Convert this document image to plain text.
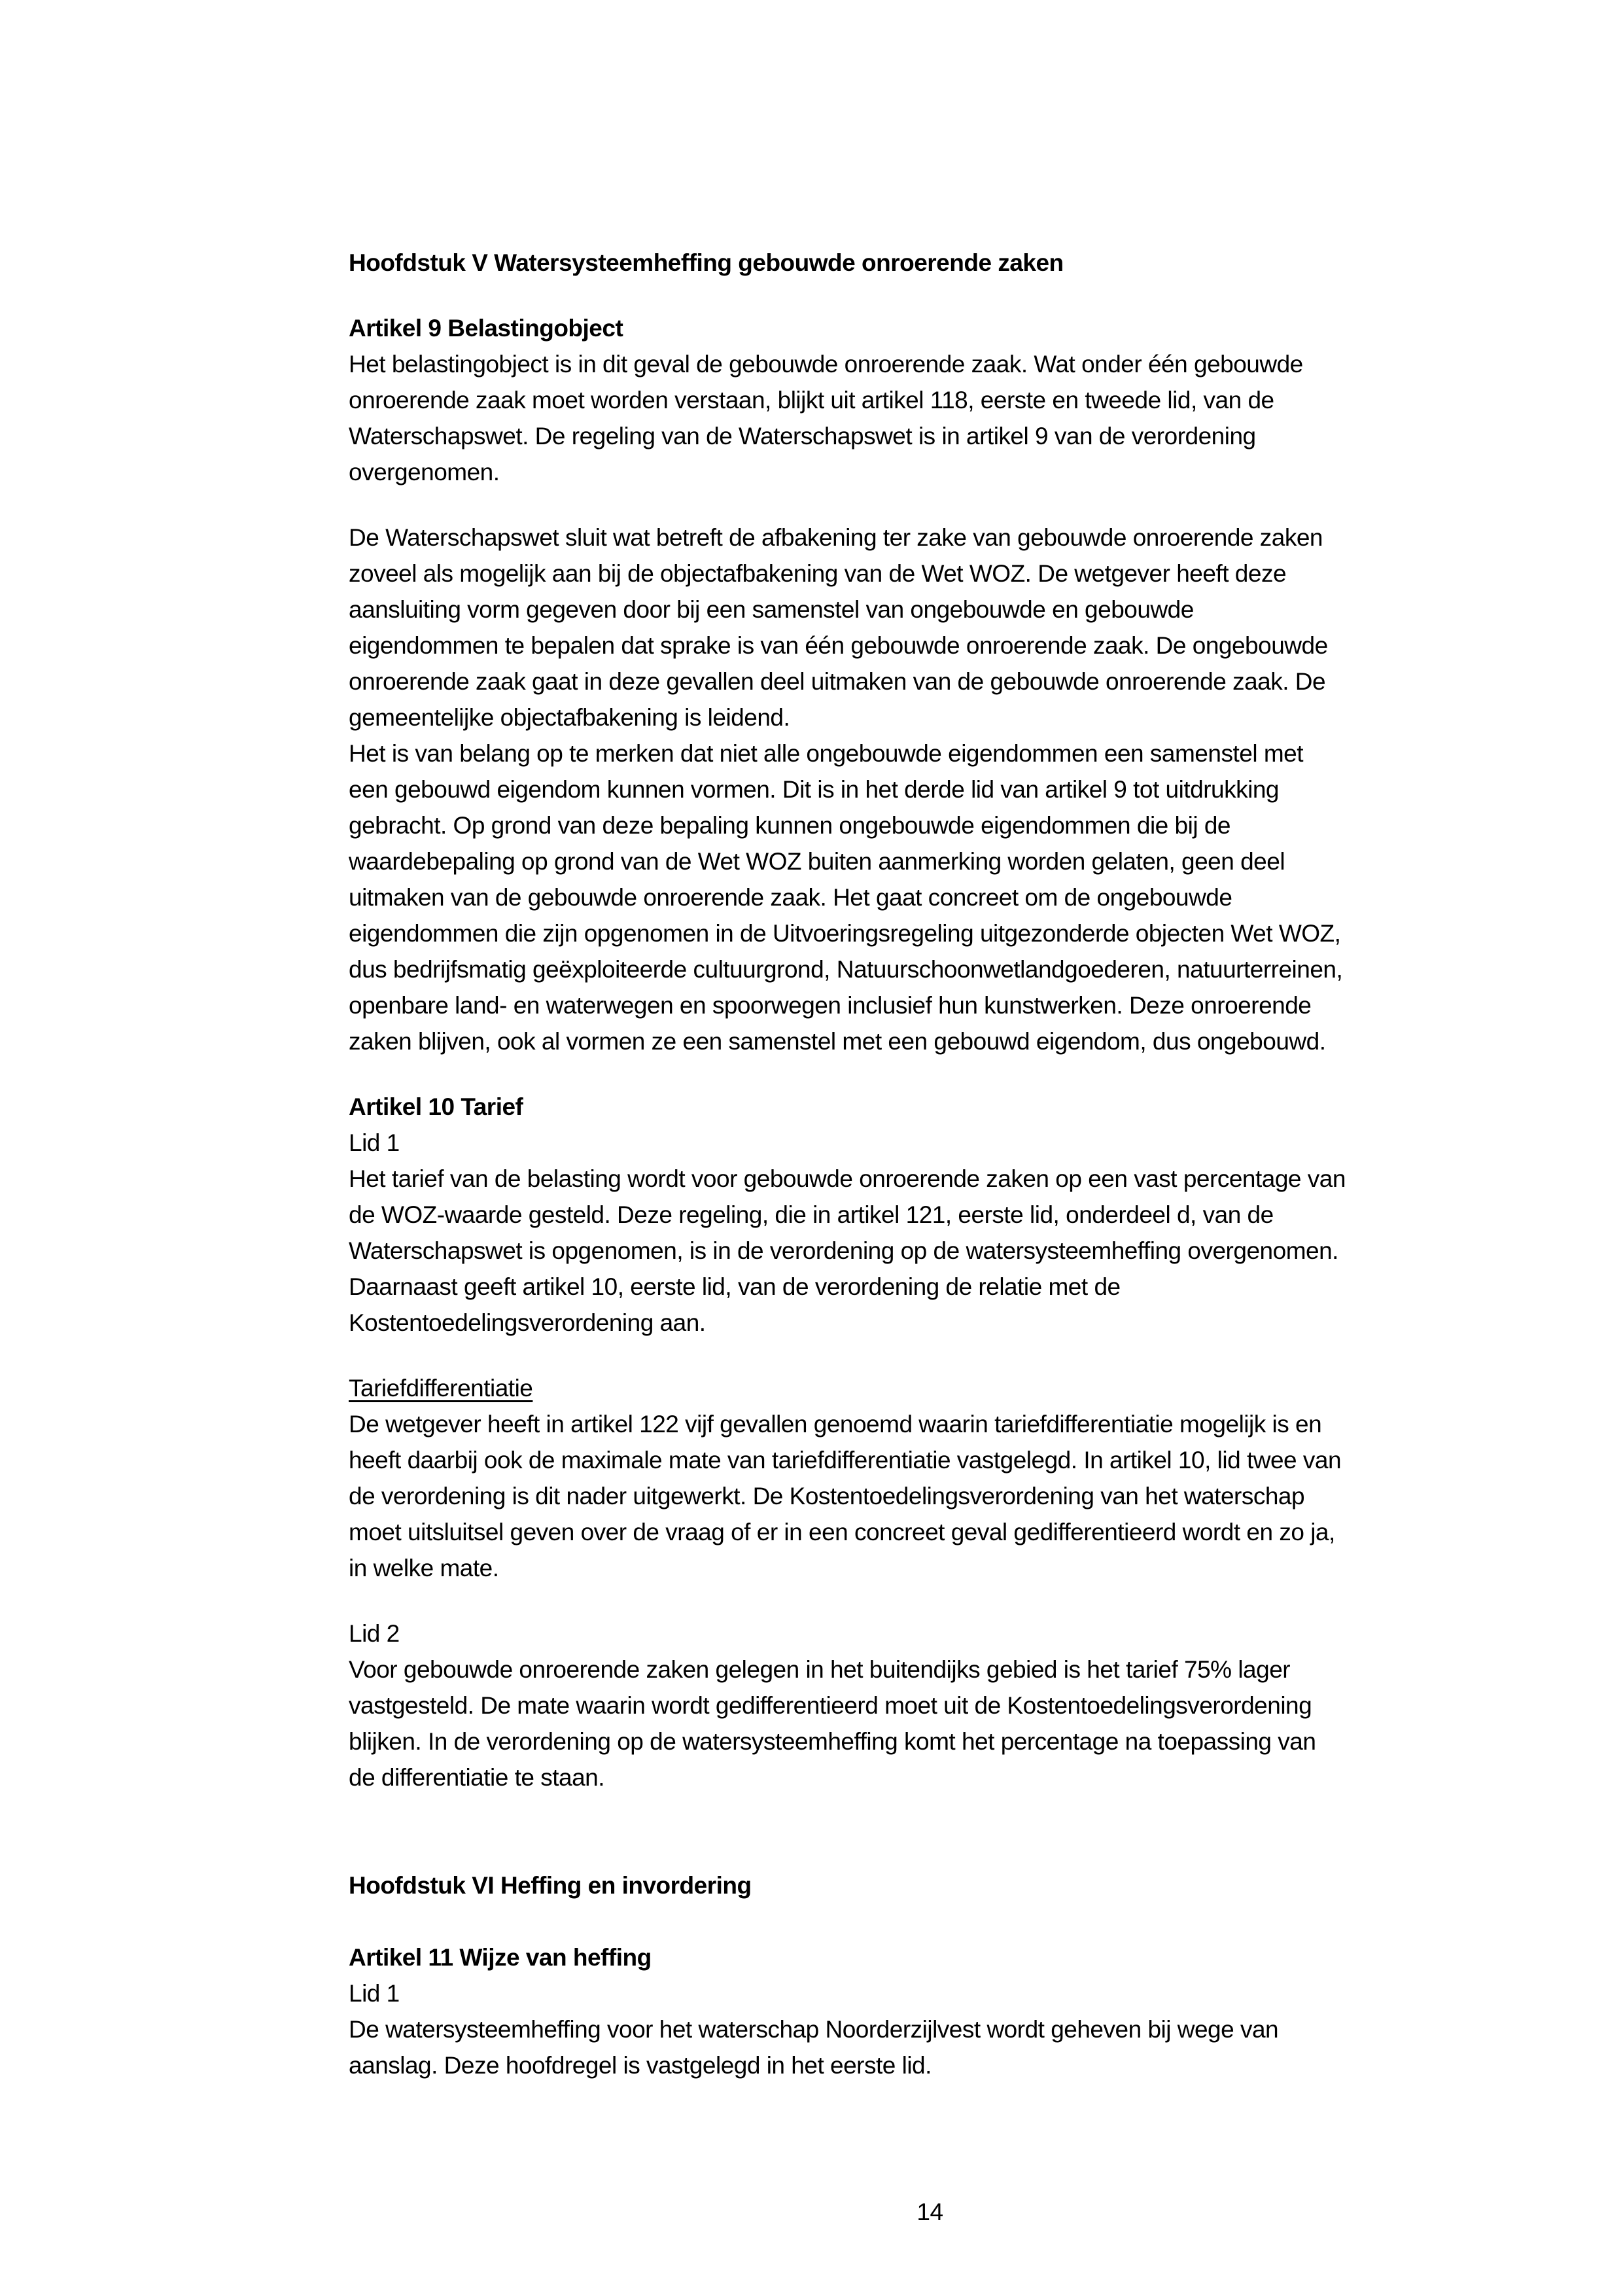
Hoofdstuk V Watersysteemheffing gebouwde onroerende zaken
Artikel 9 Belastingobject
Het belastingobject is in dit geval de gebouwde onroerende zaak. Wat onder één gebouwde
onroerende zaak moet worden verstaan, blijkt uit artikel 118, eerste en tweede lid, van de
Waterschapswet. De regeling van de Waterschapswet is in artikel 9 van de verordening
overgenomen.
De Waterschapswet sluit wat betreft de afbakening ter zake van gebouwde onroerende zaken
zoveel als mogelijk aan bij de objectafbakening van de Wet WOZ. De wetgever heeft deze
aansluiting vorm gegeven door bij een samenstel van ongebouwde en gebouwde
eigendommen te bepalen dat sprake is van één gebouwde onroerende zaak. De ongebouwde
onroerende zaak gaat in deze gevallen deel uitmaken van de gebouwde onroerende zaak. De
gemeentelijke objectafbakening is leidend.
Het is van belang op te merken dat niet alle ongebouwde eigendommen een samenstel met
een gebouwd eigendom kunnen vormen. Dit is in het derde lid van artikel 9 tot uitdrukking
gebracht. Op grond van deze bepaling kunnen ongebouwde eigendommen die bij de
waardebepaling op grond van de Wet WOZ buiten aanmerking worden gelaten, geen deel
uitmaken van de gebouwde onroerende zaak. Het gaat concreet om de ongebouwde
eigendommen die zijn opgenomen in de Uitvoeringsregeling uitgezonderde objecten Wet WOZ,
dus bedrijfsmatig geëxploiteerde cultuurgrond, Natuurschoonwetlandgoederen, natuurterreinen,
openbare land- en waterwegen en spoorwegen inclusief hun kunstwerken. Deze onroerende
zaken blijven, ook al vormen ze een samenstel met een gebouwd eigendom, dus ongebouwd.
Artikel 10 Tarief
Lid 1
Het tarief van de belasting wordt voor gebouwde onroerende zaken op een vast percentage van
de WOZ-waarde gesteld. Deze regeling, die in artikel 121, eerste lid, onderdeel d, van de
Waterschapswet is opgenomen, is in de verordening op de watersysteemheffing overgenomen.
Daarnaast geeft artikel 10, eerste lid, van de verordening de relatie met de
Kostentoedelingsverordening aan.
Tariefdifferentiatie
De wetgever heeft in artikel 122 vijf gevallen genoemd waarin tariefdifferentiatie mogelijk is en
heeft daarbij ook de maximale mate van tariefdifferentiatie vastgelegd. In artikel 10, lid twee van
de verordening is dit nader uitgewerkt. De Kostentoedelingsverordening van het waterschap
moet uitsluitsel geven over de vraag of er in een concreet geval gedifferentieerd wordt en zo ja,
in welke mate.
Lid 2
Voor gebouwde onroerende zaken gelegen in het buitendijks gebied is het tarief 75% lager
vastgesteld. De mate waarin wordt gedifferentieerd moet uit de Kostentoedelingsverordening
blijken. In de verordening op de watersysteemheffing komt het percentage na toepassing van
de differentiatie te staan.
Hoofdstuk VI Heffing en invordering
Artikel 11 Wijze van heffing
Lid 1
De watersysteemheffing voor het waterschap Noorderzijlvest wordt geheven bij wege van
aanslag. Deze hoofdregel is vastgelegd in het eerste lid.
14
